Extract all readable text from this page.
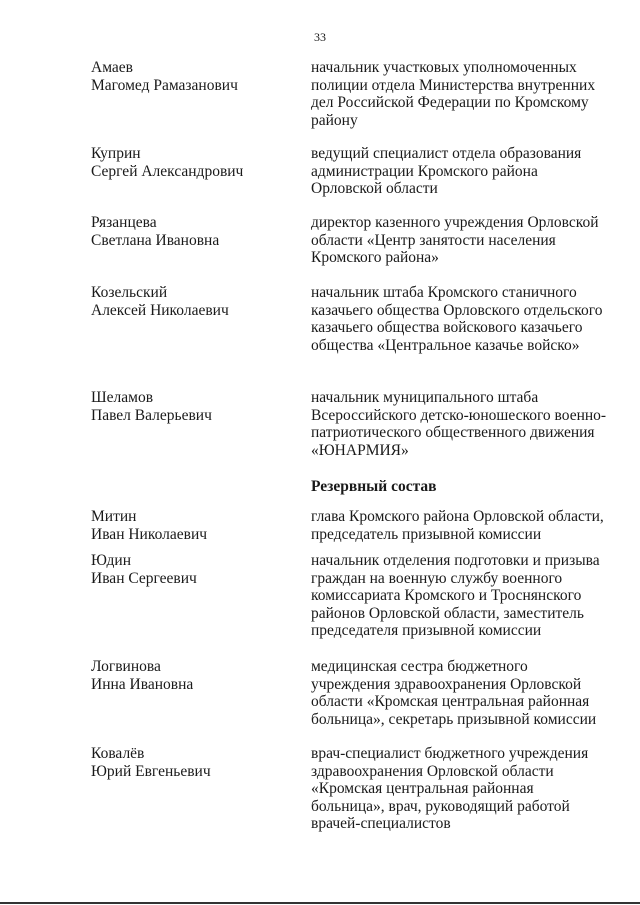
33
Амаев
Магомед Рамазанович
начальник участковых уполномоченных полиции отдела Министерства внутренних дел Российской Федерации по Кромскому району
Куприн
Сергей Александрович
ведущий специалист отдела образования администрации Кромского района Орловской области
Рязанцева
Светлана Ивановна
директор казенного учреждения Орловской области «Центр занятости населения Кромского района»
Козельский
Алексей Николаевич
начальник штаба Кромского станичного казачьего общества Орловского отдельского казачьего общества войскового казачьего общества «Центральное казачье войско»
Шеламов
Павел Валерьевич
начальник муниципального штаба Всероссийского детско-юношеского военно-патриотического общественного движения «ЮНАРМИЯ»
Резервный состав
Митин
Иван Николаевич
глава Кромского района Орловской области, председатель призывной комиссии
Юдин
Иван Сергеевич
начальник отделения подготовки и призыва граждан на военную службу военного комиссариата Кромского и Троснянского районов Орловской области, заместитель председателя призывной комиссии
Логвинова
Инна Ивановна
медицинская сестра бюджетного учреждения здравоохранения Орловской области «Кромская центральная районная больница», секретарь призывной комиссии
Ковалёв
Юрий Евгеньевич
врач-специалист бюджетного учреждения здравоохранения Орловской области «Кромская центральная районная больница», врач, руководящий работой врачей-специалистов
